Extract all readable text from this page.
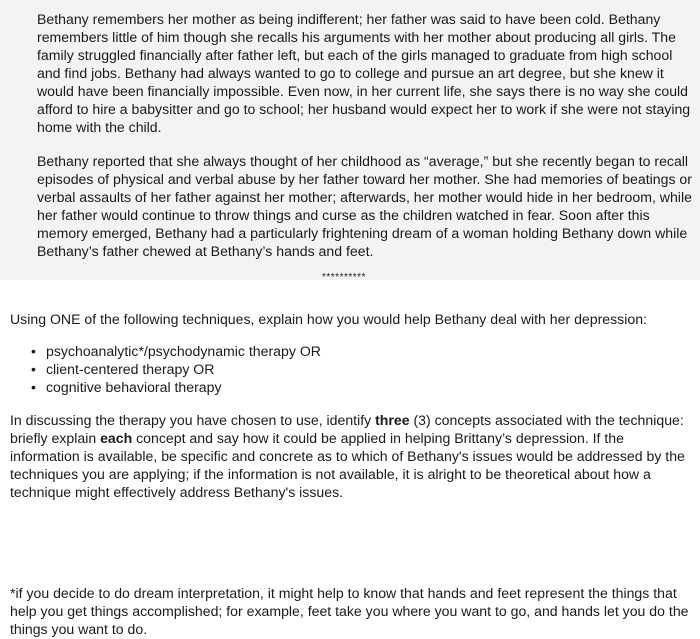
Bethany remembers her mother as being indifferent; her father was said to have been cold. Bethany remembers little of him though she recalls his arguments with her mother about producing all girls. The family struggled financially after father left, but each of the girls managed to graduate from high school and find jobs. Bethany had always wanted to go to college and pursue an art degree, but she knew it would have been financially impossible. Even now, in her current life, she says there is no way she could afford to hire a babysitter and go to school; her husband would expect her to work if she were not staying home with the child.

Bethany reported that she always thought of her childhood as “average,” but she recently began to recall episodes of physical and verbal abuse by her father toward her mother. She had memories of beatings or verbal assaults of her father against her mother; afterwards, her mother would hide in her bedroom, while her father would continue to throw things and curse as the children watched in fear. Soon after this memory emerged, Bethany had a particularly frightening dream of a woman holding Bethany down while Bethany’s father chewed at Bethany’s hands and feet.

**********

Using ONE of the following techniques, explain how you would help Bethany deal with her depression:

• psychoanalytic*/psychodynamic therapy OR
• client-centered therapy OR
• cognitive behavioral therapy

In discussing the therapy you have chosen to use, identify three (3) concepts associated with the technique: briefly explain each concept and say how it could be applied in helping Brittany’s depression. If the information is available, be specific and concrete as to which of Bethany's issues would be addressed by the techniques you are applying; if the information is not available, it is alright to be theoretical about how a technique might effectively address Bethany's issues.

*if you decide to do dream interpretation, it might help to know that hands and feet represent the things that help you get things accomplished; for example, feet take you where you want to go, and hands let you do the things you want to do.
